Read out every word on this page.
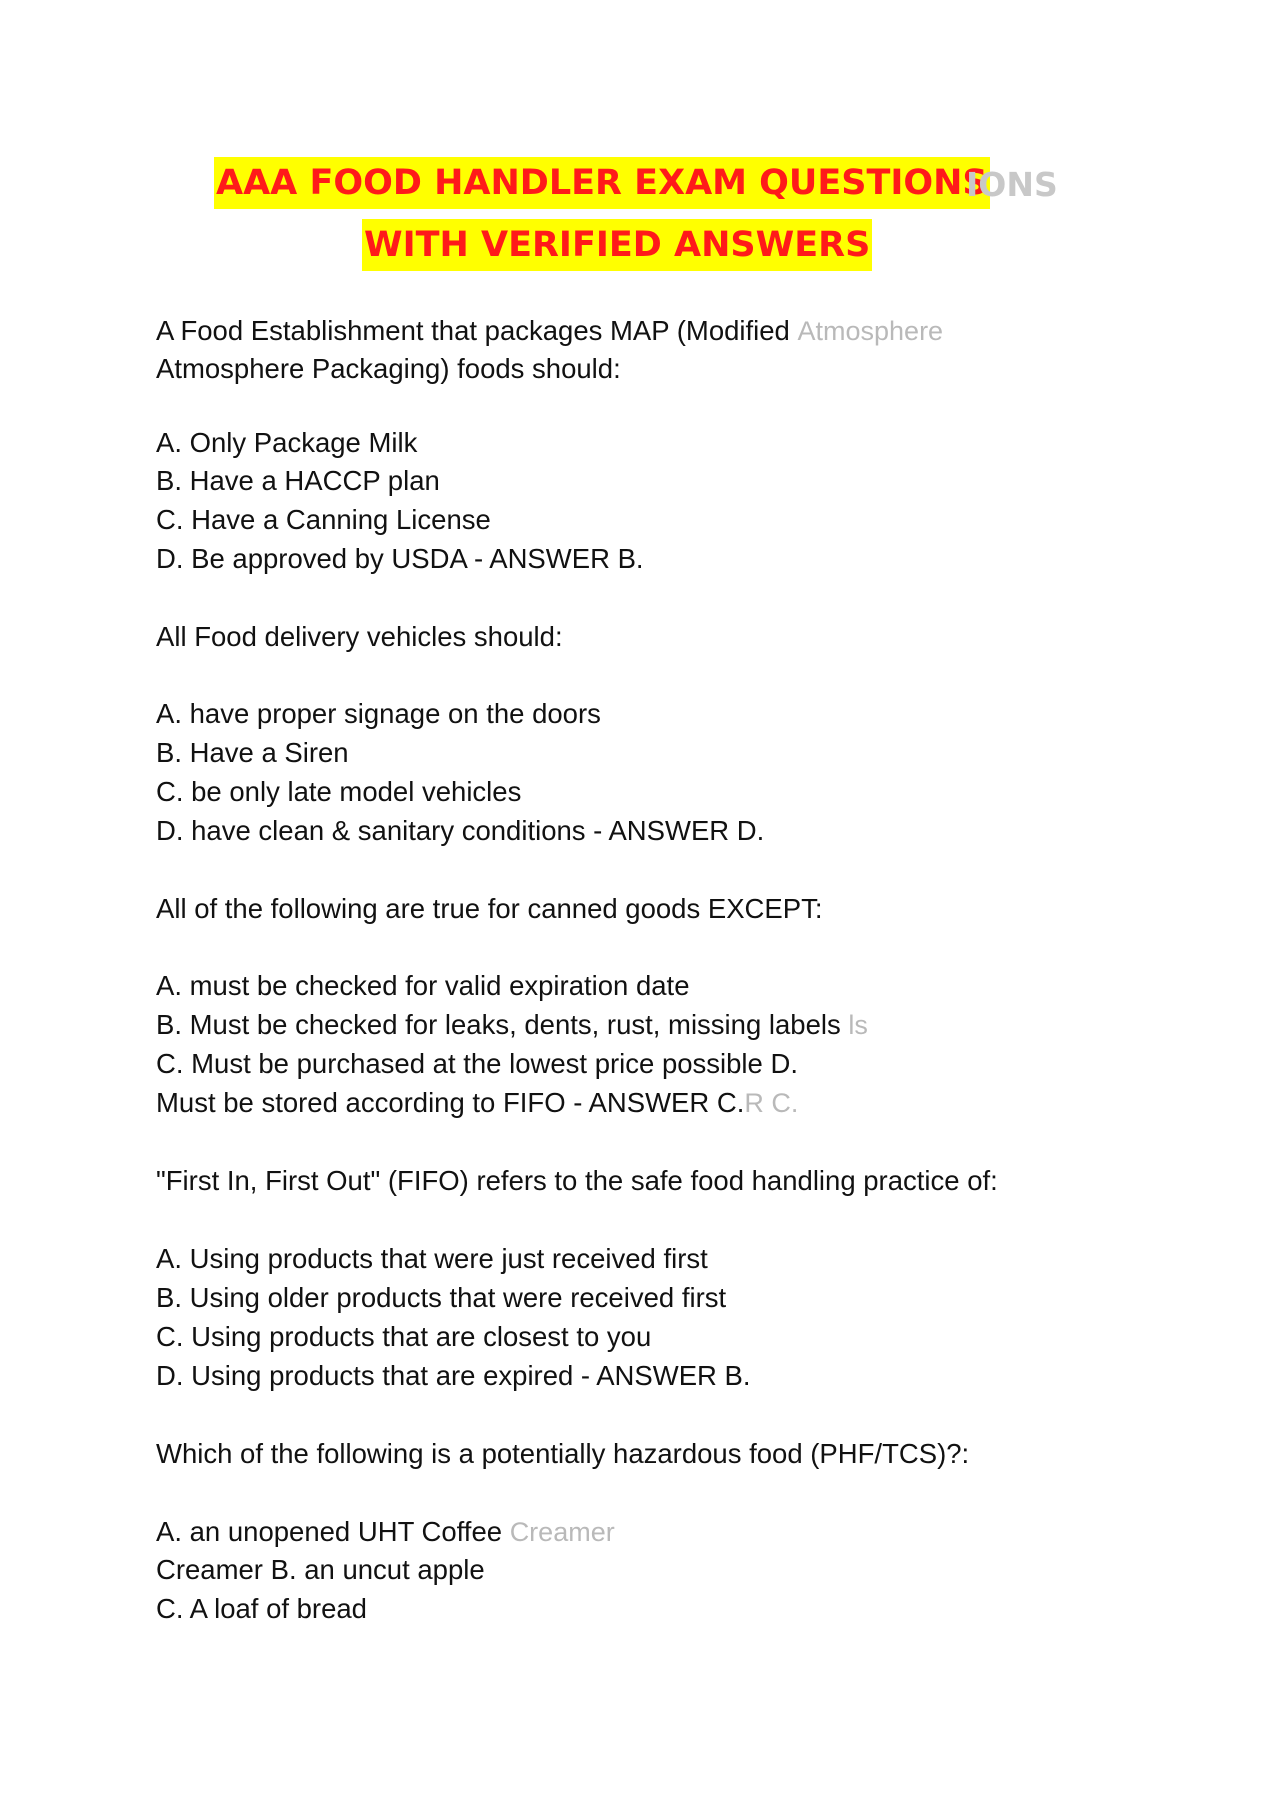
AAA FOOD HANDLER EXAM QUESTIONS
IONS
WITH VERIFIED ANSWERS
A Food Establishment that packages MAP (Modified Atmosphere
Atmosphere Packaging) foods should:
A. Only Package Milk
B. Have a HACCP plan
C. Have a Canning License
D. Be approved by USDA - ANSWER B.
All Food delivery vehicles should:
A. have proper signage on the doors
B. Have a Siren
C. be only late model vehicles
D. have clean & sanitary conditions - ANSWER D.
All of the following are true for canned goods EXCEPT:
A. must be checked for valid expiration date
B. Must be checked for leaks, dents, rust, missing labels ls
C. Must be purchased at the lowest price possible D.
Must be stored according to FIFO - ANSWER C.R C.
"First In, First Out" (FIFO) refers to the safe food handling practice of:
A. Using products that were just received first
B. Using older products that were received first
C. Using products that are closest to you
D. Using products that are expired - ANSWER B.
Which of the following is a potentially hazardous food (PHF/TCS)?:
A. an unopened UHT Coffee Creamer
Creamer B. an uncut apple
C. A loaf of bread
